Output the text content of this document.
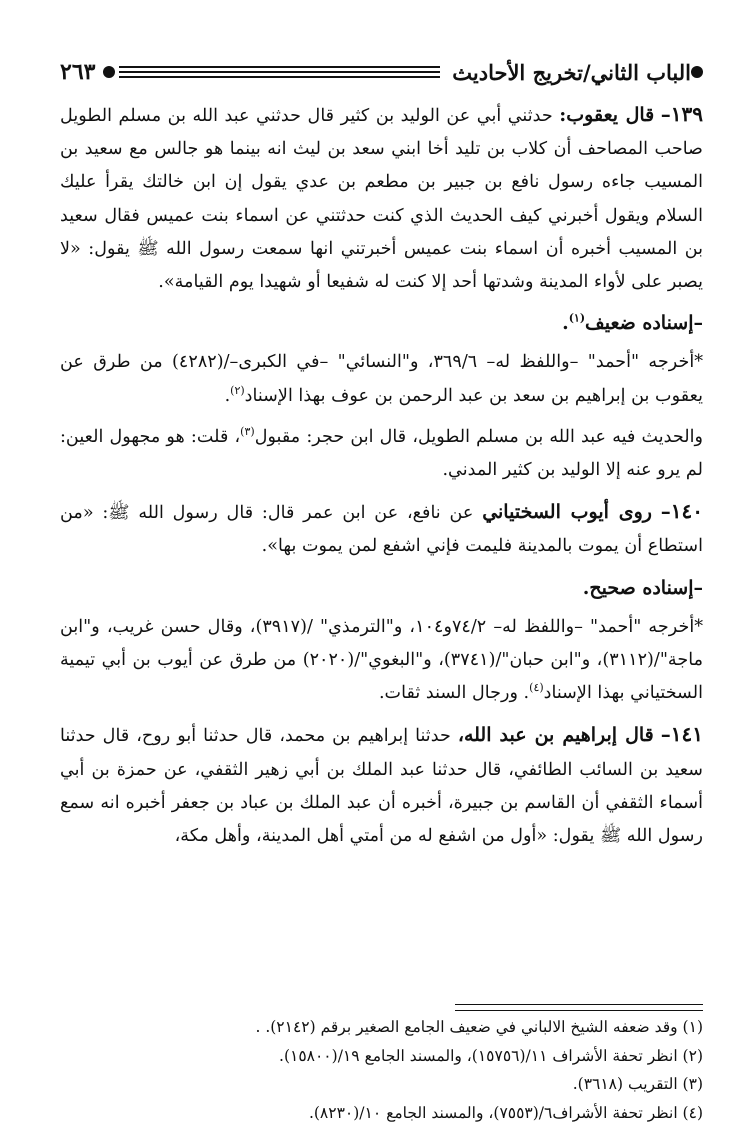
الباب الثاني/تخريج الأحاديث
٢٦٣

١٣٩– قال يعقوب: حدثني أبي عن الوليد بن كثير قال حدثني عبد الله بن مسلم الطويل صاحب المصاحف أن كلاب بن تليد أخا ابني سعد بن ليث انه بينما هو جالس مع سعيد بن المسيب جاءه رسول نافع بن جبير بن مطعم بن عدي يقول إن ابن خالتك يقرأ عليك السلام ويقول أخبرني كيف الحديث الذي كنت حدثتني عن اسماء بنت عميس فقال سعيد بن المسيب أخبره أن اسماء بنت عميس أخبرتني انها سمعت رسول الله ﷺ يقول: «لا يصبر على لأواء المدينة وشدتها أحد إلا كنت له شفيعا أو شهيدا يوم القيامة».

–إسناده ضعيف$^{(١)}$.

*أخرجه "أحمد" –واللفظ له– ٣٦٩/٦، و"النسائي" –في الكبرى–/(٤٢٨٢) من طرق عن يعقوب بن إبراهيم بن سعد بن عبد الرحمن بن عوف بهذا الإسناد$^{(٢)}$.

والحديث فيه عبد الله بن مسلم الطويل، قال ابن حجر: مقبول$^{(٣)}$، قلت: هو مجهول العين: لم يرو عنه إلا الوليد بن كثير المدني.

١٤٠– روى أيوب السختياني عن نافع، عن ابن عمر قال: قال رسول الله ﷺ: «من استطاع أن يموت بالمدينة فليمت فإني اشفع لمن يموت بها».

–إسناده صحيح.

*أخرجه "أحمد" –واللفظ له– ٧٤/٢و١٠٤، و"الترمذي" /(٣٩١٧)، وقال حسن غريب، و"ابن ماجة"/(٣١١٢)، و"ابن حبان"/(٣٧٤١)، و"البغوي"/(٢٠٢٠) من طرق عن أيوب بن أبي تيمية السختياني بهذا الإسناد$^{(٤)}$. ورجال السند ثقات.

١٤١– قال إبراهيم بن عبد الله، حدثنا إبراهيم بن محمد، قال حدثنا أبو روح، قال حدثنا سعيد بن السائب الطائفي، قال حدثنا عبد الملك بن أبي زهير الثقفي، عن حمزة بن أبي أسماء الثقفي أن القاسم بن جبيرة، أخبره أن عبد الملك بن عباد بن جعفر أخبره انه سمع رسول الله ﷺ يقول: «أول من اشفع له من أمتي أهل المدينة، وأهل مكة،

(١) وقد ضعفه الشيخ الالباني في ضعيف الجامع الصغير برقم (٢١٤٢). .
(٢) انظر تحفة الأشراف ١١/(١٥٧٥٦)، والمسند الجامع ١٩/(١٥٨٠٠).
(٣) التقريب (٣٦١٨).
(٤) انظر تحفة الأشراف٦/(٧٥٥٣)، والمسند الجامع ١٠/(٨٢٣٠).
